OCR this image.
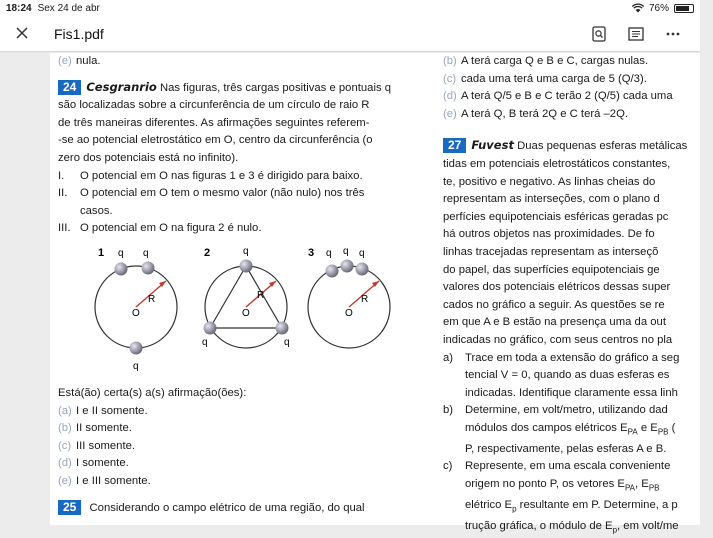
18:24 Sex 24 de abr	76%
Fis1.pdf
(e) nula.
24 Cesgranrio Nas figuras, três cargas positivas e pontuais q
são localizadas sobre a circunferência de um círculo de raio R
de três maneiras diferentes. As afirmações seguintes referem-
-se ao potencial eletrostático em O, centro da circunferência (o
zero dos potenciais está no infinito).
I.	O potencial em O nas figuras 1 e 3 é dirigido para baixo.
II.	O potencial em O tem o mesmo valor (não nulo) nos três
casos.
III. O potencial em O na figura 2 é nulo.
1 q q
q
R
O
2	q
q	q
R
O
3 q q q
R
O
Está(ão) certa(s) a(s) afirmação(ões):
(a) I e II somente.
(b) II somente.
(c) III somente.
(d) I somente.
(e) I e III somente.
25 Considerando o campo elétrico de uma região, do qual
(b) A terá carga Q e B e C, cargas nulas.
(c) cada uma terá uma carga de 5 (Q/3).
(d) A terá Q/5 e B e C terão 2 (Q/5) cada uma
(e) A terá Q, B terá 2Q e C terá –2Q.
27 Fuvest Duas pequenas esferas metálicas
tidas em potenciais eletrostáticos constantes,
te, positivo e negativo. As linhas cheias do
representam as interseções, com o plano d
perfícies equipotenciais esféricas geradas pc
há outros objetos nas proximidades. De fo
linhas tracejadas representam as interseçõ
do papel, das superfícies equipotenciais ge
valores dos potenciais elétricos dessas super
cados no gráfico a seguir. As questões se re
em que A e B estão na presença uma da out
indicadas no gráfico, com seus centros no pla
a)	Trace em toda a extensão do gráfico a seg
tencial V = 0, quando as duas esferas es
indicadas. Identifique claramente essa linh
b)	Determine, em volt/metro, utilizando dad
módulos dos campos elétricos $E_{PA}$ e $E_{PB}$ (
P, respectivamente, pelas esferas A e B.
c)	Represente, em uma escala conveniente
origem no ponto P, os vetores $E_{PA}$, $E_{PB}$
elétrico $E_p$ resultante em P. Determine, a p
trução gráfica, o módulo de $E_p$, em volt/me
